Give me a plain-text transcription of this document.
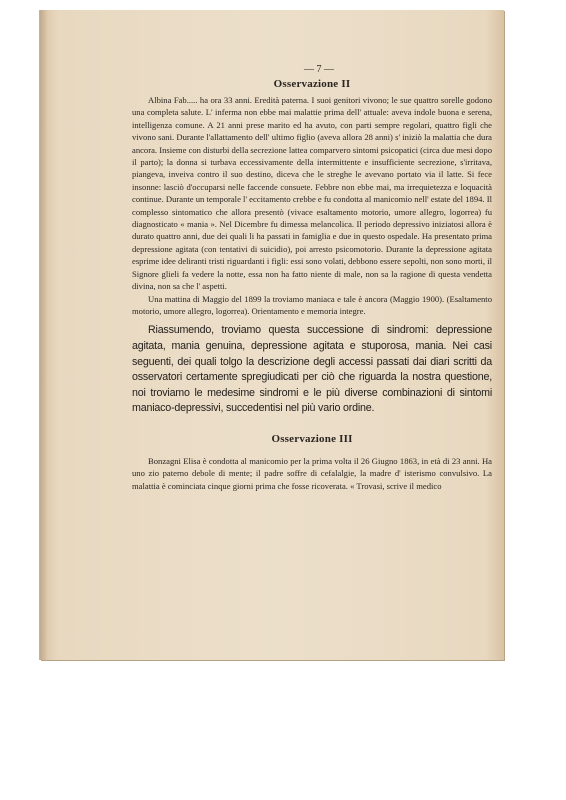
— 7 —
Osservazione II

Albina Fab..... ha ora 33 anni. Eredità paterna. I suoi genitori vivono; le sue quattro sorelle godono una completa salute. L' inferma non ebbe mai malattie prima dell' attuale: aveva indole buona e serena, intelligenza comune. A 21 anni prese marito ed ha avuto, con parti sempre regolari, quattro figli che vivono sani. Durante l'allattamento dell' ultimo figlio (aveva allora 28 anni) s' iniziò la malattia che dura ancora. Insieme con disturbi della secrezione lattea comparvero sintomi psicopatici (circa due mesi dopo il parto); la donna si turbava eccessivamente della intermittente e insufficiente secrezione, s'irritava, piangeva, inveiva contro il suo destino, diceva che le streghe le avevano portato via il latte. Si fece insonne: lasciò d'occuparsi nelle faccende consuete. Febbre non ebbe mai, ma irrequietezza e loquacità continue. Durante un temporale l' eccitamento crebbe e fu condotta al manicomio nell' estate del 1894. Il complesso sintomatico che allora presentò (vivace esaltamento motorio, umore allegro, logorrea) fu diagnosticato « mania ». Nel Dicembre fu dimessa melancolica. Il periodo depressivo iniziatosi allora è durato quattro anni, due dei quali li ha passati in famiglia e due in questo ospedale. Ha presentato prima depressione agitata (con tentativi di suicidio), poi arresto psicomotorio. Durante la depressione agitata esprime idee deliranti tristi riguardanti i figli: essi sono volati, debbono essere sepolti, non sono morti, il Signore glieli fa vedere la notte, essa non ha fatto niente di male, non sa la ragione di questa vendetta divina, non sa che l' aspetti.

Una mattina di Maggio del 1899 la troviamo maniaca e tale è ancora (Maggio 1900). (Esaltamento motorio, umore allegro, logorrea). Orientamento e memoria integre.

Riassumendo, troviamo questa successione di sindromi: depressione agitata, mania genuina, depressione agitata e stuporosa, mania. Nei casi seguenti, dei quali tolgo la descrizione degli accessi passati dai diari scritti da osservatori certamente spregiudicati per ciò che riguarda la nostra questione, noi troviamo le medesime sindromi e le più diverse combinazioni di sintomi maniaco-depressivi, succedentisi nel più vario ordine.

Osservazione III

Bonzagni Elisa è condotta al manicomio per la prima volta il 26 Giugno 1863, in età di 23 anni. Ha uno zio paterno debole di mente; il padre soffre di cefalalgie, la madre d' isterismo convulsivo. La malattia è cominciata cinque giorni prima che fosse ricoverata. « Trovasi, scrive il medico
